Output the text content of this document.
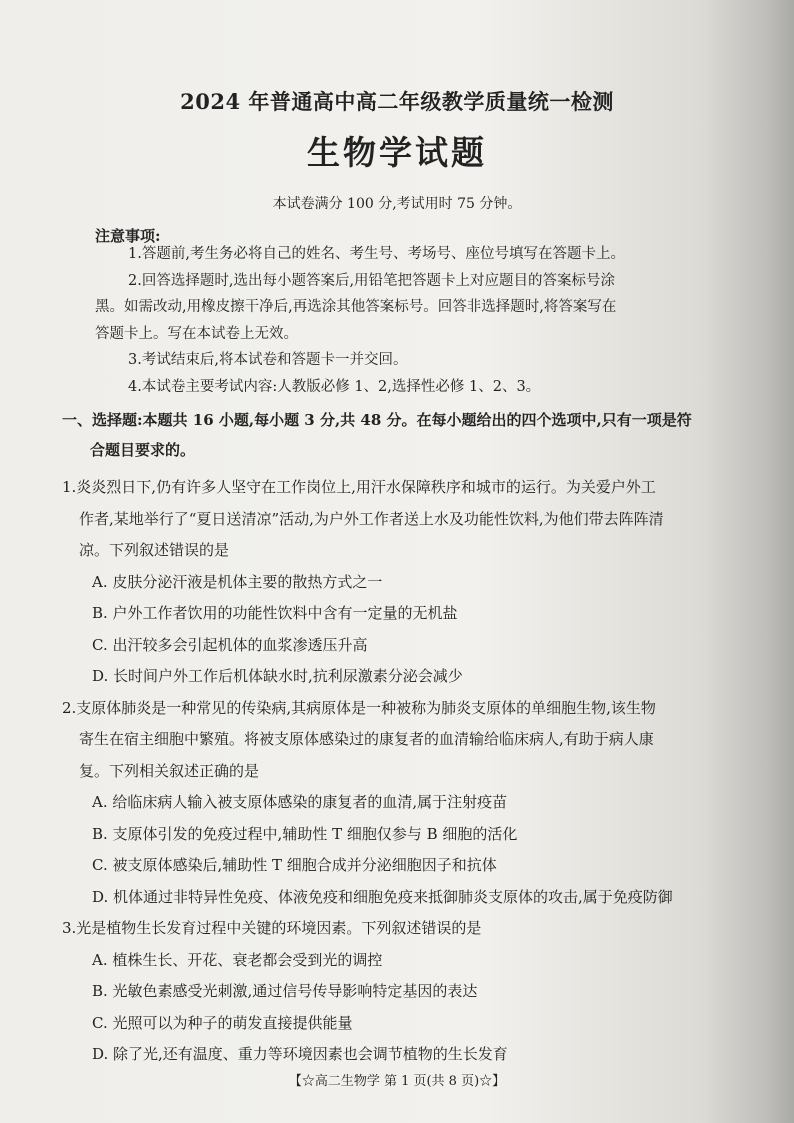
2024 年普通高中高二年级教学质量统一检测
生物学试题
本试卷满分 100 分,考试用时 75 分钟。
注意事项:
1.答题前,考生务必将自己的姓名、考生号、考场号、座位号填写在答题卡上。
2.回答选择题时,选出每小题答案后,用铅笔把答题卡上对应题目的答案标号涂
黑。如需改动,用橡皮擦干净后,再选涂其他答案标号。回答非选择题时,将答案写在
答题卡上。写在本试卷上无效。
3.考试结束后,将本试卷和答题卡一并交回。
4.本试卷主要考试内容:人教版必修 1、2,选择性必修 1、2、3。
一、选择题:本题共 16 小题,每小题 3 分,共 48 分。在每小题给出的四个选项中,只有一项是符
合题目要求的。
1.炎炎烈日下,仍有许多人坚守在工作岗位上,用汗水保障秩序和城市的运行。为关爱户外工
作者,某地举行了“夏日送清凉”活动,为户外工作者送上水及功能性饮料,为他们带去阵阵清
凉。下列叙述错误的是
A. 皮肤分泌汗液是机体主要的散热方式之一
B. 户外工作者饮用的功能性饮料中含有一定量的无机盐
C. 出汗较多会引起机体的血浆渗透压升高
D. 长时间户外工作后机体缺水时,抗利尿激素分泌会减少
2.支原体肺炎是一种常见的传染病,其病原体是一种被称为肺炎支原体的单细胞生物,该生物
寄生在宿主细胞中繁殖。将被支原体感染过的康复者的血清输给临床病人,有助于病人康
复。下列相关叙述正确的是
A. 给临床病人输入被支原体感染的康复者的血清,属于注射疫苗
B. 支原体引发的免疫过程中,辅助性 T 细胞仅参与 B 细胞的活化
C. 被支原体感染后,辅助性 T 细胞合成并分泌细胞因子和抗体
D. 机体通过非特异性免疫、体液免疫和细胞免疫来抵御肺炎支原体的攻击,属于免疫防御
3.光是植物生长发育过程中关键的环境因素。下列叙述错误的是
A. 植株生长、开花、衰老都会受到光的调控
B. 光敏色素感受光刺激,通过信号传导影响特定基因的表达
C. 光照可以为种子的萌发直接提供能量
D. 除了光,还有温度、重力等环境因素也会调节植物的生长发育
【☆高二生物学 第 1 页(共 8 页)☆】
